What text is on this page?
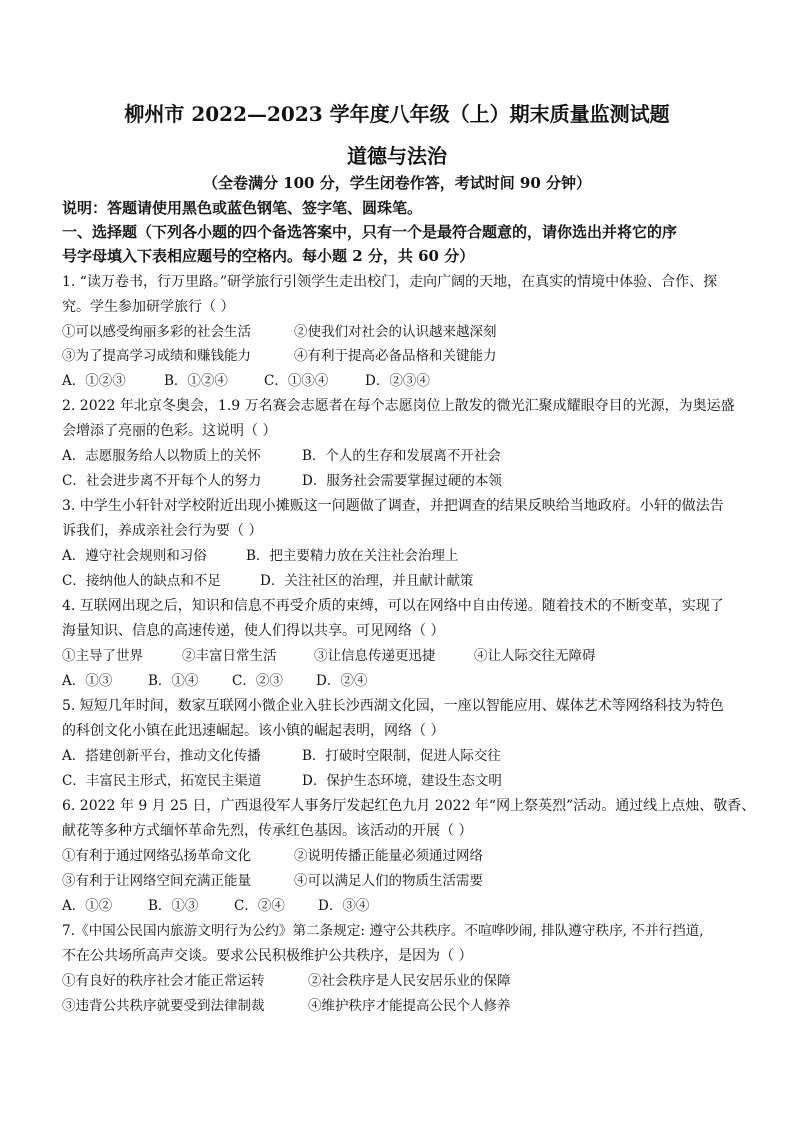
柳州市 2022—2023 学年度八年级（上）期末质量监测试题
道德与法治
（全卷满分 100 分，学生闭卷作答，考试时间 90 分钟）
说明：答题请使用黑色或蓝色钢笔、签字笔、圆珠笔。
一、选择题（下列各小题的四个备选答案中，只有一个是最符合题意的，请你选出并将它的序
号字母填入下表相应题号的空格内。每小题 2 分，共 60 分）
1. “读万卷书，行万里路。”研学旅行引领学生走出校门，走向广阔的天地，在真实的情境中体验、合作、探
究。学生参加研学旅行（ ）
①可以感受绚丽多彩的社会生活	②使我们对社会的认识越来越深刻
③为了提高学习成绩和赚钱能力	④有利于提高必备品格和关键能力
A．①②③	B．①②④	C．①③④	D．②③④
2. 2022 年北京冬奥会，1.9 万名赛会志愿者在每个志愿岗位上散发的微光汇聚成耀眼夺目的光源，为奥运盛
会增添了亮丽的色彩。这说明（ ）
A．志愿服务给人以物质上的关怀	B．个人的生存和发展离不开社会
C．社会进步离不开每个人的努力	D．服务社会需要掌握过硬的本领
3. 中学生小轩针对学校附近出现小摊贩这一问题做了调查，并把调查的结果反映给当地政府。小轩的做法告
诉我们，养成亲社会行为要（ ）
A．遵守社会规则和习俗	B．把主要精力放在关注社会治理上
C．接纳他人的缺点和不足	D．关注社区的治理，并且献计献策
4. 互联网出现之后，知识和信息不再受介质的束缚，可以在网络中自由传递。随着技术的不断变革，实现了
海量知识、信息的高速传递，使人们得以共享。可见网络（ ）
①主导了世界	②丰富日常生活	③让信息传递更迅捷	④让人际交往无障碍
A．①③	B．①④ C．②③ D．②④
5. 短短几年时间，数家互联网小微企业入驻长沙西湖文化园，一座以智能应用、媒体艺术等网络科技为特色
的科创文化小镇在此迅速崛起。该小镇的崛起表明，网络（ ）
A．搭建创新平台，推动文化传播	B．打破时空限制，促进人际交往
C．丰富民主形式，拓宽民主渠道	D．保护生态环境，建设生态文明
6. 2022 年 9 月 25 日，广西退役军人事务厅发起红色九月 2022 年“网上祭英烈”活动。通过线上点烛、敬香、
献花等多种方式缅怀革命先烈，传承红色基因。该活动的开展（ ）
①有利于通过网络弘扬革命文化	②说明传播正能量必须通过网络
③有利于让网络空间充满正能量	④可以满足人们的物质生活需要
A．①②	B．①③	C．②④ D．③④
7.《中国公民国内旅游文明行为公约》第二条规定: 遵守公共秩序。不喧哗吵闹, 排队遵守秩序, 不并行挡道,
不在公共场所高声交谈。要求公民积极维护公共秩序，是因为（ ）
①有良好的秩序社会才能正常运转	②社会秩序是人民安居乐业的保障
③违背公共秩序就要受到法律制裁	④维护秩序才能提高公民个人修养
